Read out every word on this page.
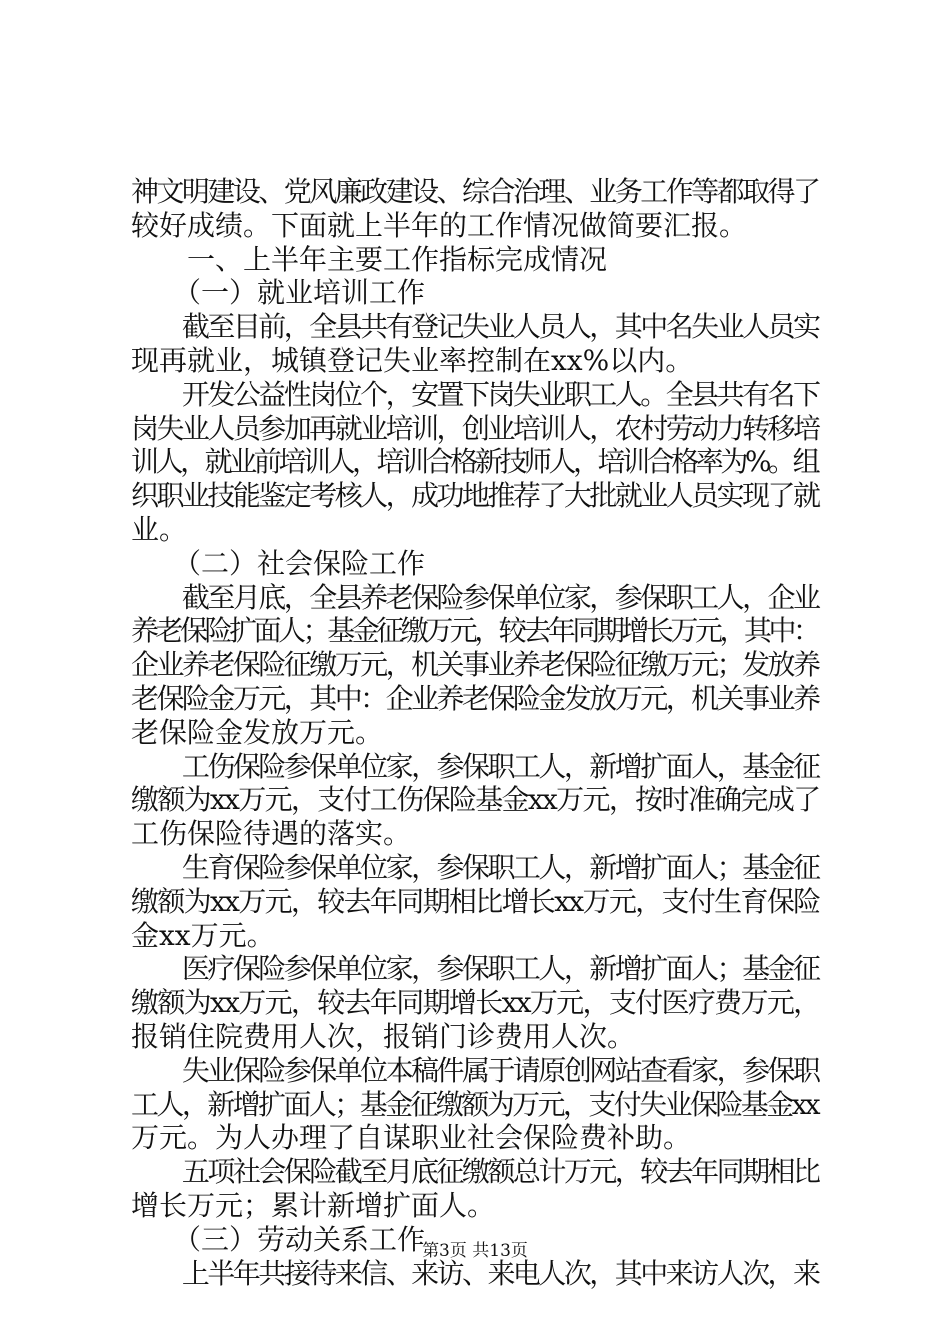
神文明建设、党风廉政建设、综合治理、业务工作等都取得了
较好成绩。下面就上半年的工作情况做简要汇报。
　　一、上半年主要工作指标完成情况
　　（一）就业培训工作
　　截至目前，全县共有登记失业人员人，其中名失业人员实
现再就业，城镇登记失业率控制在xx%以内。
　　开发公益性岗位个，安置下岗失业职工人。全县共有名下
岗失业人员参加再就业培训，创业培训人，农村劳动力转移培
训人，就业前培训人，培训合格新技师人，培训合格率为%。组
织职业技能鉴定考核人，成功地推荐了大批就业人员实现了就
业。
　　（二）社会保险工作
　　截至月底，全县养老保险参保单位家，参保职工人，企业
养老保险扩面人；基金征缴万元，较去年同期增长万元，其中：
企业养老保险征缴万元，机关事业养老保险征缴万元；发放养
老保险金万元，其中：企业养老保险金发放万元，机关事业养
老保险金发放万元。
　　工伤保险参保单位家，参保职工人，新增扩面人，基金征
缴额为xx万元，支付工伤保险基金xx万元，按时准确完成了
工伤保险待遇的落实。
　　生育保险参保单位家，参保职工人，新增扩面人；基金征
缴额为xx万元，较去年同期相比增长xx万元，支付生育保险
金xx万元。
　　医疗保险参保单位家，参保职工人，新增扩面人；基金征
缴额为xx万元，较去年同期增长xx万元，支付医疗费万元，
报销住院费用人次，报销门诊费用人次。
　　失业保险参保单位本稿件属于请原创网站查看家，参保职
工人，新增扩面人；基金征缴额为万元，支付失业保险基金xx
万元。为人办理了自谋职业社会保险费补助。
　　五项社会保险截至月底征缴额总计万元，较去年同期相比
增长万元；累计新增扩面人。
　　（三）劳动关系工作
　　上半年共接待来信、来访、来电人次，其中来访人次，来
第3页 共13页
